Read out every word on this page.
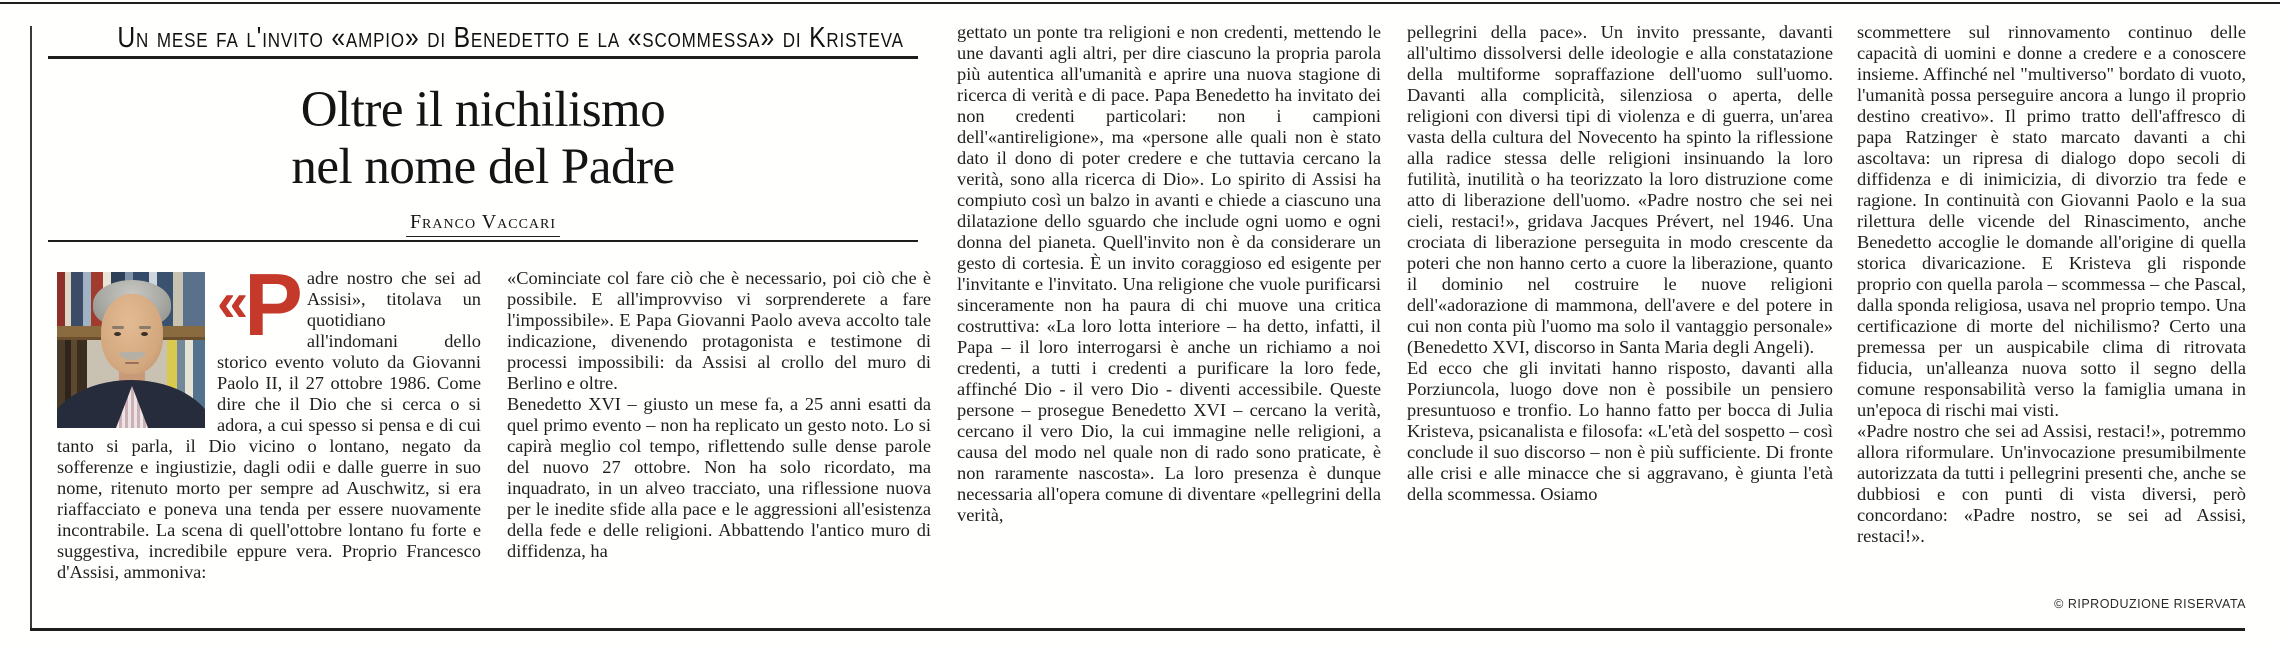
Un mese fa l'invito «ampio» di Benedetto e la «scommessa» di Kristeva
Oltre il nichilismo
nel nome del Padre
Franco Vaccari
«P adre nostro che sei ad Assisi», titolava un quotidiano all'indomani dello storico evento voluto da Giovanni Paolo II, il 27 ottobre 1986. Come dire che il Dio che si cerca o si adora, a cui spesso si pensa e di cui tanto si parla, il Dio vicino o lontano, negato da sofferenze e ingiustizie, dagli odii e dalle guerre in suo nome, ritenuto morto per sempre ad Auschwitz, si era riaffacciato e poneva una tenda per essere nuovamente incontrabile. La scena di quell'ottobre lontano fu forte e suggestiva, incredibile eppure vera. Proprio Francesco d'Assisi, ammoniva:

«Cominciate col fare ciò che è necessario, poi ciò che è possibile. E all'improvviso vi sorprenderete a fare l'impossibile». E Papa Giovanni Paolo aveva accolto tale indicazione, divenendo protagonista e testimone di processi impossibili: da Assisi al crollo del muro di Berlino e oltre.

Benedetto XVI – giusto un mese fa, a 25 anni esatti da quel primo evento – non ha replicato un gesto noto. Lo si capirà meglio col tempo, riflettendo sulle dense parole del nuovo 27 ottobre. Non ha solo ricordato, ma inquadrato, in un alveo tracciato, una riflessione nuova per le inedite sfide alla pace e le aggressioni all'esistenza della fede e delle religioni. Abbattendo l'antico muro di diffidenza, ha

gettato un ponte tra religioni e non credenti, mettendo le une davanti agli altri, per dire ciascuno la propria parola più autentica all'umanità e aprire una nuova stagione di ricerca di verità e di pace. Papa Benedetto ha invitato dei non credenti particolari: non i campioni dell'«antireligione», ma «persone alle quali non è stato dato il dono di poter credere e che tuttavia cercano la verità, sono alla ricerca di Dio». Lo spirito di Assisi ha compiuto così un balzo in avanti e chiede a ciascuno una dilatazione dello sguardo che include ogni uomo e ogni donna del pianeta. Quell'invito non è da considerare un gesto di cortesia. È un invito coraggioso ed esigente per l'invitante e l'invitato. Una religione che vuole purificarsi sinceramente non ha paura di chi muove una critica costruttiva: «La loro lotta interiore – ha detto, infatti, il Papa – il loro interrogarsi è anche un richiamo a noi credenti, a tutti i credenti a purificare la loro fede, affinché Dio - il vero Dio - diventi accessibile. Queste persone – prosegue Benedetto XVI – cercano la verità, cercano il vero Dio, la cui immagine nelle religioni, a causa del modo nel quale non di rado sono praticate, è non raramente nascosta». La loro presenza è dunque necessaria all'opera comune di diventare «pellegrini della verità,

pellegrini della pace». Un invito pressante, davanti all'ultimo dissolversi delle ideologie e alla constatazione della multiforme sopraffazione dell'uomo sull'uomo. Davanti alla complicità, silenziosa o aperta, delle religioni con diversi tipi di violenza e di guerra, un'area vasta della cultura del Novecento ha spinto la riflessione alla radice stessa delle religioni insinuando la loro futilità, inutilità o ha teorizzato la loro distruzione come atto di liberazione dell'uomo. «Padre nostro che sei nei cieli, restaci!», gridava Jacques Prévert, nel 1946. Una crociata di liberazione perseguita in modo crescente da poteri che non hanno certo a cuore la liberazione, quanto il dominio nel costruire le nuove religioni dell'«adorazione di mammona, dell'avere e del potere in cui non conta più l'uomo ma solo il vantaggio personale» (Benedetto XVI, discorso in Santa Maria degli Angeli).

Ed ecco che gli invitati hanno risposto, davanti alla Porziuncola, luogo dove non è possibile un pensiero presuntuoso e tronfio. Lo hanno fatto per bocca di Julia Kristeva, psicanalista e filosofa: «L'età del sospetto – così conclude il suo discorso – non è più sufficiente. Di fronte alle crisi e alle minacce che si aggravano, è giunta l'età della scommessa. Osiamo

scommettere sul rinnovamento continuo delle capacità di uomini e donne a credere e a conoscere insieme. Affinché nel "multiverso" bordato di vuoto, l'umanità possa perseguire ancora a lungo il proprio destino creativo». Il primo tratto dell'affresco di papa Ratzinger è stato marcato davanti a chi ascoltava: un ripresa di dialogo dopo secoli di diffidenza e di inimicizia, di divorzio tra fede e ragione. In continuità con Giovanni Paolo e la sua rilettura delle vicende del Rinascimento, anche Benedetto accoglie le domande all'origine di quella storica divaricazione. E Kristeva gli risponde proprio con quella parola – scommessa – che Pascal, dalla sponda religiosa, usava nel proprio tempo. Una certificazione di morte del nichilismo? Certo una premessa per un auspicabile clima di ritrovata fiducia, un'alleanza nuova sotto il segno della comune responsabilità verso la famiglia umana in un'epoca di rischi mai visti.

«Padre nostro che sei ad Assisi, restaci!», potremmo allora riformulare. Un'invocazione presumibilmente autorizzata da tutti i pellegrini presenti che, anche se dubbiosi e con punti di vista diversi, però concordano: «Padre nostro, se sei ad Assisi, restaci!».

© RIPRODUZIONE RISERVATA
